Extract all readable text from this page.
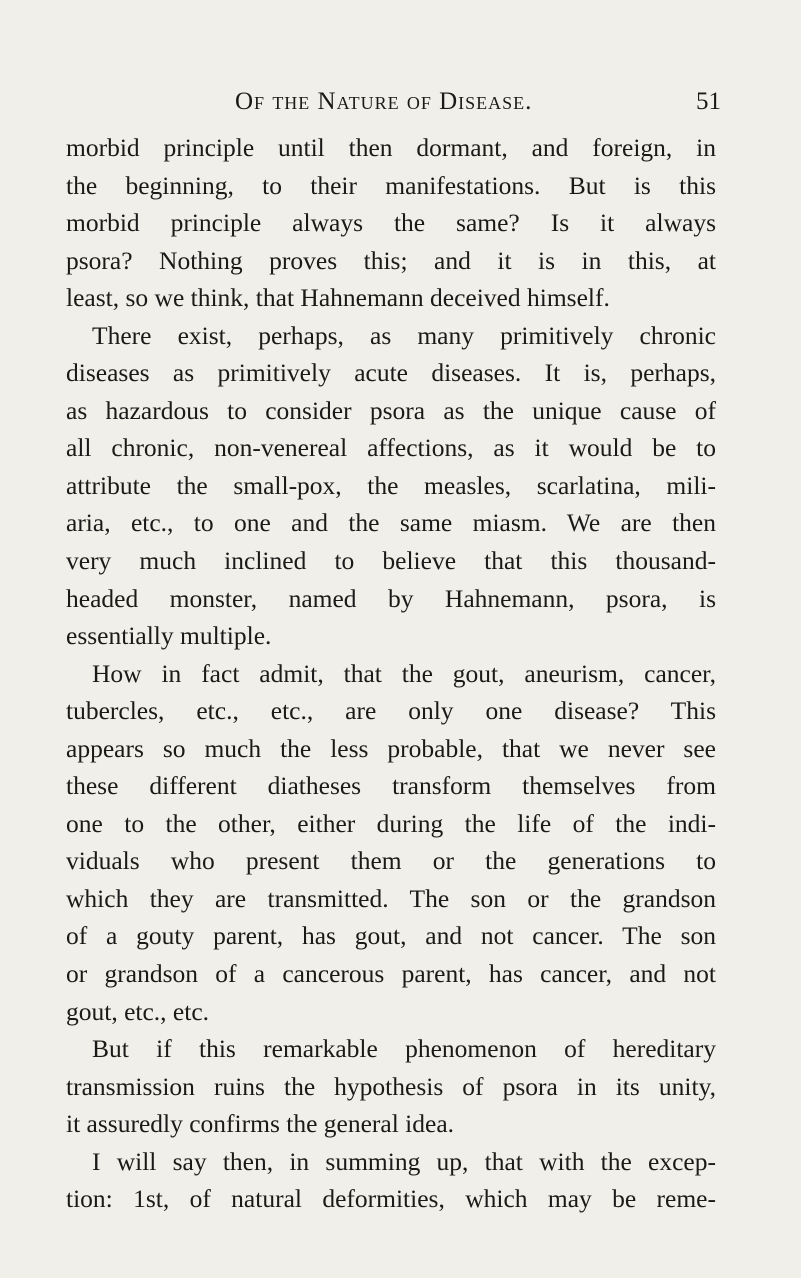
Of the Nature of Disease.	51
morbid principle until then dormant, and foreign, in
the beginning, to their manifestations. But is this
morbid principle always the same? Is it always
psora? Nothing proves this; and it is in this, at
least, so we think, that Hahnemann deceived himself.
There exist, perhaps, as many primitively chronic
diseases as primitively acute diseases. It is, perhaps,
as hazardous to consider psora as the unique cause of
all chronic, non-venereal affections, as it would be to
attribute the small-pox, the measles, scarlatina, mili-
aria, etc., to one and the same miasm. We are then
very much inclined to believe that this thousand-
headed monster, named by Hahnemann, psora, is
essentially multiple.
How in fact admit, that the gout, aneurism, cancer,
tubercles, etc., etc., are only one disease? This
appears so much the less probable, that we never see
these different diatheses transform themselves from
one to the other, either during the life of the indi-
viduals who present them or the generations to
which they are transmitted. The son or the grandson
of a gouty parent, has gout, and not cancer. The son
or grandson of a cancerous parent, has cancer, and not
gout, etc., etc.
But if this remarkable phenomenon of hereditary
transmission ruins the hypothesis of psora in its unity,
it assuredly confirms the general idea.
I will say then, in summing up, that with the excep-
tion: 1st, of natural deformities, which may be reme-
